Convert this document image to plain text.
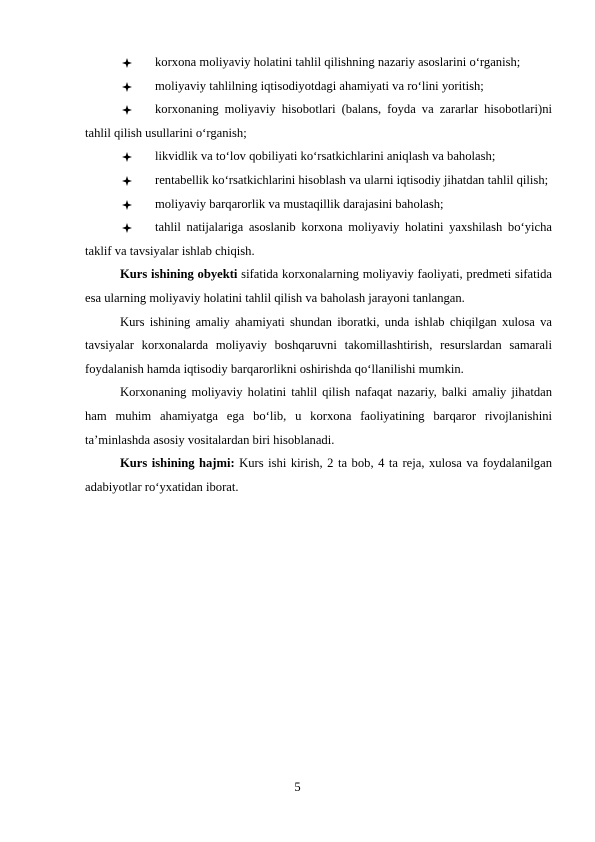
korxona moliyaviy holatini tahlil qilishning nazariy asoslarini o‘rganish;
moliyaviy tahlilning iqtisodiyotdagi ahamiyati va ro‘lini yoritish;
korxonaning moliyaviy hisobotlari (balans, foyda va zararlar hisobotlari)ni tahlil qilish usullarini o‘rganish;
likvidlik va to‘lov qobiliyati ko‘rsatkichlarini aniqlash va baholash;
rentabellik ko‘rsatkichlarini hisoblash va ularni iqtisodiy jihatdan tahlil qilish;
moliyaviy barqarorlik va mustaqillik darajasini baholash;
tahlil natijalariga asoslanib korxona moliyaviy holatini yaxshilash bo‘yicha taklif va tavsiyalar ishlab chiqish.
Kurs ishining obyekti sifatida korxonalarning moliyaviy faoliyati, predmeti sifatida esa ularning moliyaviy holatini tahlil qilish va baholash jarayoni tanlangan.
Kurs ishining amaliy ahamiyati shundan iboratki, unda ishlab chiqilgan xulosa va tavsiyalar korxonalarda moliyaviy boshqaruvni takomillashtirish, resurslardan samarali foydalanish hamda iqtisodiy barqarorlikni oshirishda qo‘llanilishi mumkin.
Korxonaning moliyaviy holatini tahlil qilish nafaqat nazariy, balki amaliy jihatdan ham muhim ahamiyatga ega bo‘lib, u korxona faoliyatining barqaror rivojlanishini ta’minlashda asosiy vositalardan biri hisoblanadi.
Kurs ishining hajmi: Kurs ishi kirish, 2 ta bob, 4 ta reja, xulosa va foydalanilgan adabiyotlar ro‘yxatidan iborat.
5
